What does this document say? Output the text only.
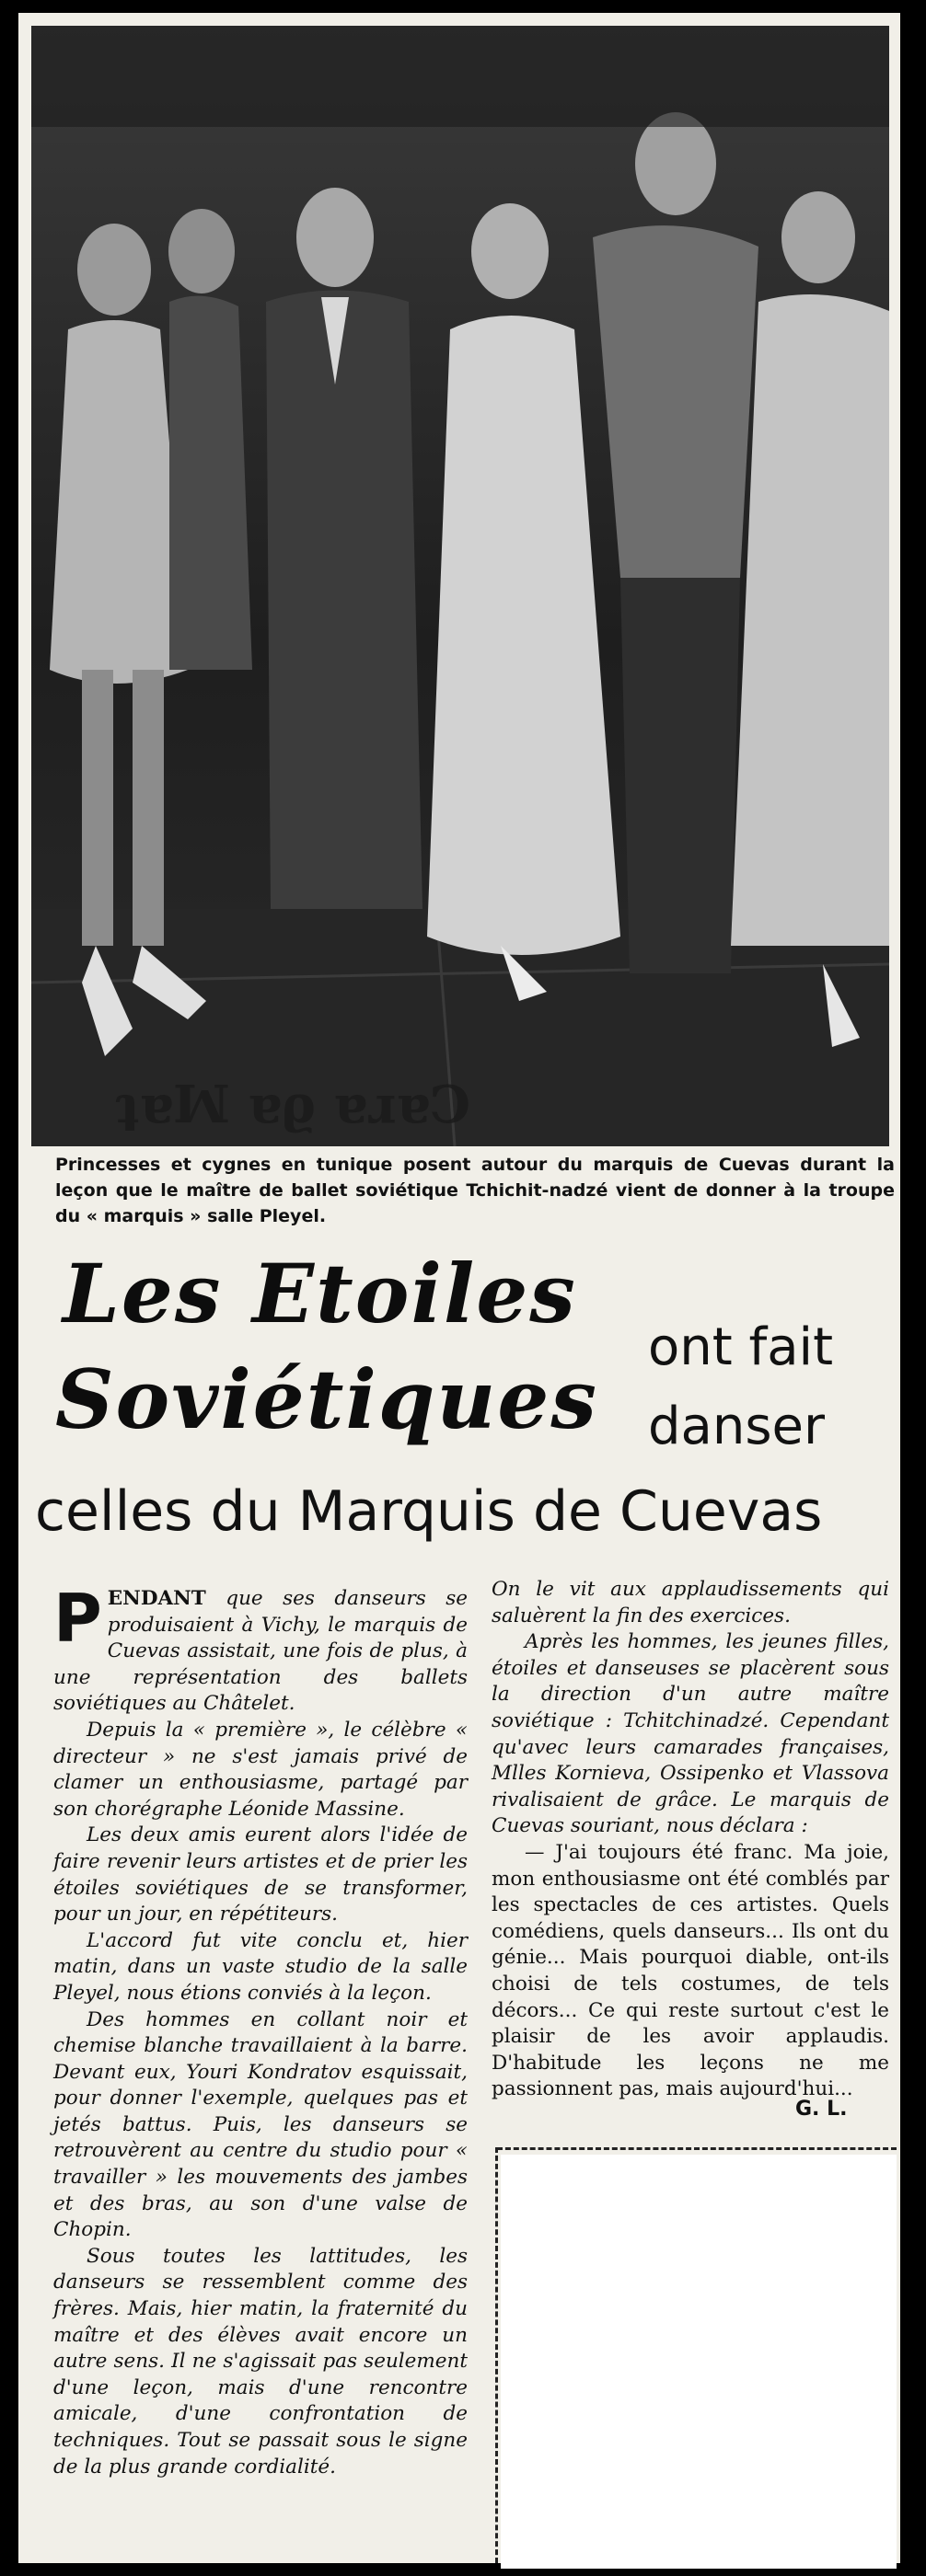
ʇɐꟽ ɐϱ ɐɹɐϽ
Princesses et cygnes en tunique posent autour du marquis de Cuevas durant la leçon que le maître de ballet soviétique Tchichit-nadzé vient de donner à la troupe du « marquis » salle Pleyel.
Les Etoiles
Soviétiques
ont fait
danser
celles du Marquis de Cuevas

PENDANT que ses danseurs se produisaient à Vichy, le marquis de Cuevas assistait, une fois de plus, à une représentation des ballets soviétiques au Châtelet.

Depuis la « première », le célèbre « directeur » ne s'est jamais privé de clamer un enthousiasme, partagé par son chorégraphe Léonide Massine.

Les deux amis eurent alors l'idée de faire revenir leurs artistes et de prier les étoiles soviétiques de se transformer, pour un jour, en répétiteurs.

L'accord fut vite conclu et, hier matin, dans un vaste studio de la salle Pleyel, nous étions conviés à la leçon.

Des hommes en collant noir et chemise blanche travaillaient à la barre. Devant eux, Youri Kondratov esquissait, pour donner l'exemple, quelques pas et jetés battus. Puis, les danseurs se retrouvèrent au centre du studio pour « travailler » les mouvements des jambes et des bras, au son d'une valse de Chopin.

Sous toutes les lattitudes, les danseurs se ressemblent comme des frères. Mais, hier matin, la fraternité du maître et des élèves avait encore un autre sens. Il ne s'agissait pas seulement d'une leçon, mais d'une rencontre amicale, d'une confrontation de techniques. Tout se passait sous le signe de la plus grande cordialité.

On le vit aux applaudissements qui saluèrent la fin des exercices.

Après les hommes, les jeunes filles, étoiles et danseuses se placèrent sous la direction d'un autre maître soviétique : Tchitchinadzé. Cependant qu'avec leurs camarades françaises, Mlles Kornieva, Ossipenko et Vlassova rivalisaient de grâce. Le marquis de Cuevas souriant, nous déclara :

— J'ai toujours été franc. Ma joie, mon enthousiasme ont été comblés par les spectacles de ces artistes. Quels comédiens, quels danseurs... Ils ont du génie... Mais pourquoi diable, ont-ils choisi de tels costumes, de tels décors... Ce qui reste surtout c'est le plaisir de les avoir applaudis. D'habitude les leçons ne me passionnent pas, mais aujourd'hui...

G. L.
